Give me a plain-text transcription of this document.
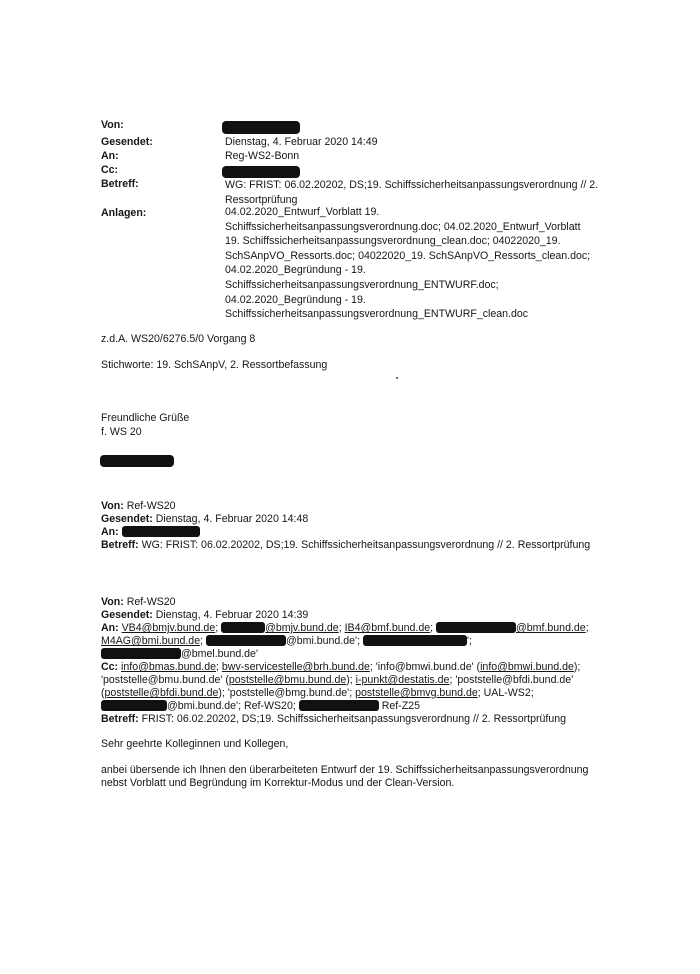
Von:
Gesendet:	Dienstag, 4. Februar 2020 14:49
An:	Reg-WS2-Bonn
Cc:
Betreff:	WG: FRIST: 06.02.20202, DS;19. Schiffssicherheitsanpassungsverordnung // 2.
Ressortprüfung
Anlagen:	04.02.2020_Entwurf_Vorblatt 19.
Schiffssicherheitsanpassungsverordnung.doc; 04.02.2020_Entwurf_Vorblatt
19. Schiffssicherheitsanpassungsverordnung_clean.doc; 04022020_19.
SchSAnpVO_Ressorts.doc; 04022020_19. SchSAnpVO_Ressorts_clean.doc;
04.02.2020_Begründung - 19.
Schiffssicherheitsanpassungsverordnung_ENTWURF.doc;
04.02.2020_Begründung - 19.
Schiffssicherheitsanpassungsverordnung_ENTWURF_clean.doc
z.d.A. WS20/6276.5/0 Vorgang 8
Stichworte: 19. SchSAnpV, 2. Ressortbefassung
Freundliche Grüße
f. WS 20
Von: Ref-WS20
Gesendet: Dienstag, 4. Februar 2020 14:48
An:
Betreff: WG: FRIST: 06.02.20202, DS;19. Schiffssicherheitsanpassungsverordnung // 2. Ressortprüfung
Von: Ref-WS20
Gesendet: Dienstag, 4. Februar 2020 14:39
An: VB4@bmjv.bund.de;	@bmjv.bund.de; IB4@bmf.bund.de;	@bmf.bund.de;
M4AG@bmi.bund.de;	@bmi.bund.de';	';
@bmel.bund.de'
Cc: info@bmas.bund.de; bwv-servicestelle@brh.bund.de; 'info@bmwi.bund.de' (info@bmwi.bund.de);
'poststelle@bmu.bund.de' (poststelle@bmu.bund.de); i-punkt@destatis.de; 'poststelle@bfdi.bund.de'
(poststelle@bfdi.bund.de); 'poststelle@bmg.bund.de'; poststelle@bmvg.bund.de; UAL-WS2;
@bmi.bund.de'; Ref-WS20;	Ref-Z25
Betreff: FRIST: 06.02.20202, DS;19. Schiffssicherheitsanpassungsverordnung // 2. Ressortprüfung
Sehr geehrte Kolleginnen und Kollegen,
anbei übersende ich Ihnen den überarbeiteten Entwurf der 19. Schiffssicherheitsanpassungsverordnung
nebst Vorblatt und Begründung im Korrektur-Modus und der Clean-Version.
